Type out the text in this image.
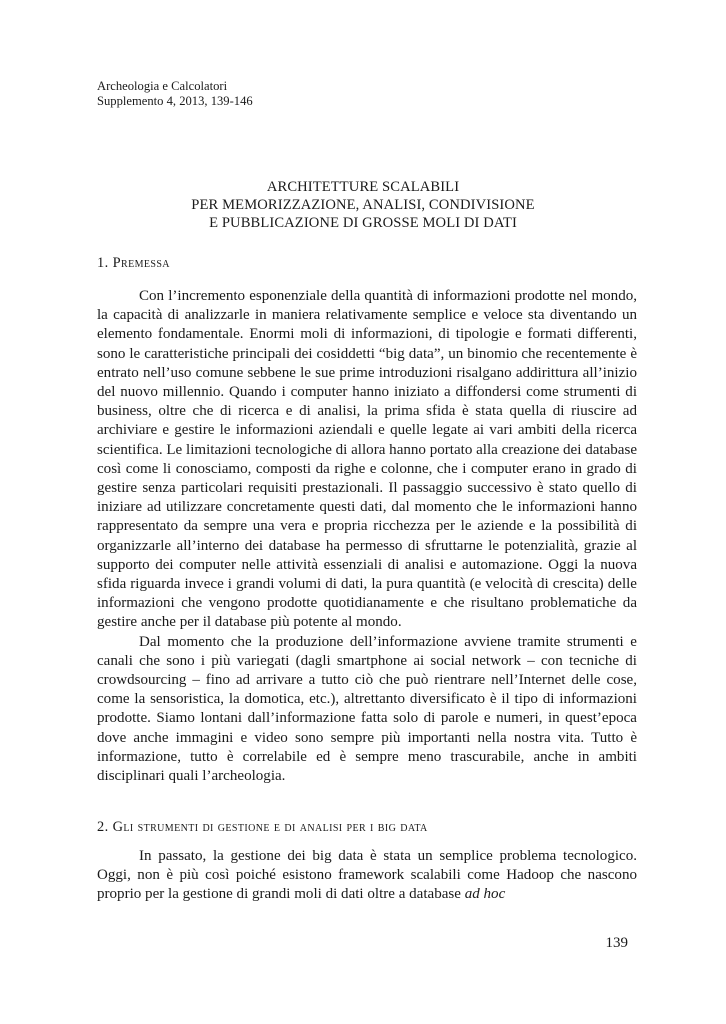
Archeologia e Calcolatori
Supplemento 4, 2013, 139-146
ARCHITETTURE SCALABILI
PER MEMORIZZAZIONE, ANALISI, CONDIVISIONE
E PUBBLICAZIONE DI GROSSE MOLI DI DATI
1. Premessa

Con l’incremento esponenziale della quantità di informazioni prodotte nel mondo, la capacità di analizzarle in maniera relativamente semplice e veloce sta diventando un elemento fondamentale. Enormi moli di informazioni, di tipologie e formati differenti, sono le caratteristiche principali dei cosiddetti “big data”, un binomio che recentemente è entrato nell’uso comune sebbene le sue prime introduzioni risalgano addirittura all’inizio del nuovo millennio. Quando i computer hanno iniziato a diffondersi come strumenti di business, oltre che di ricerca e di analisi, la prima sfida è stata quella di riuscire ad archiviare e gestire le informazioni aziendali e quelle legate ai vari ambiti della ricerca scientifica. Le limitazioni tecnologiche di allora hanno portato alla creazione dei database così come li conosciamo, composti da righe e colonne, che i computer erano in grado di gestire senza particolari requisiti prestazionali. Il passaggio successivo è stato quello di iniziare ad utilizzare concretamente questi dati, dal momento che le informazioni hanno rappresentato da sempre una vera e propria ricchezza per le aziende e la possibilità di organizzarle all’interno dei database ha permesso di sfruttarne le potenzialità, grazie al supporto dei computer nelle attività essenziali di analisi e automazione. Oggi la nuova sfida riguarda invece i grandi volumi di dati, la pura quantità (e velocità di crescita) delle informazioni che vengono prodotte quotidianamente e che risultano problematiche da gestire anche per il database più potente al mondo.

Dal momento che la produzione dell’informazione avviene tramite strumenti e canali che sono i più variegati (dagli smartphone ai social network – con tecniche di crowdsourcing – fino ad arrivare a tutto ciò che può rientrare nell’Internet delle cose, come la sensoristica, la domotica, etc.), altrettanto diversificato è il tipo di informazioni prodotte. Siamo lontani dall’informazione fatta solo di parole e numeri, in quest’epoca dove anche immagini e video sono sempre più importanti nella nostra vita. Tutto è informazione, tutto è correlabile ed è sempre meno trascurabile, anche in ambiti disciplinari quali l’archeologia.

2. Gli strumenti di gestione e di analisi per i big data

In passato, la gestione dei big data è stata un semplice problema tecnologico. Oggi, non è più così poiché esistono framework scalabili come Hadoop che nascono proprio per la gestione di grandi moli di dati oltre a database ad hoc

139
